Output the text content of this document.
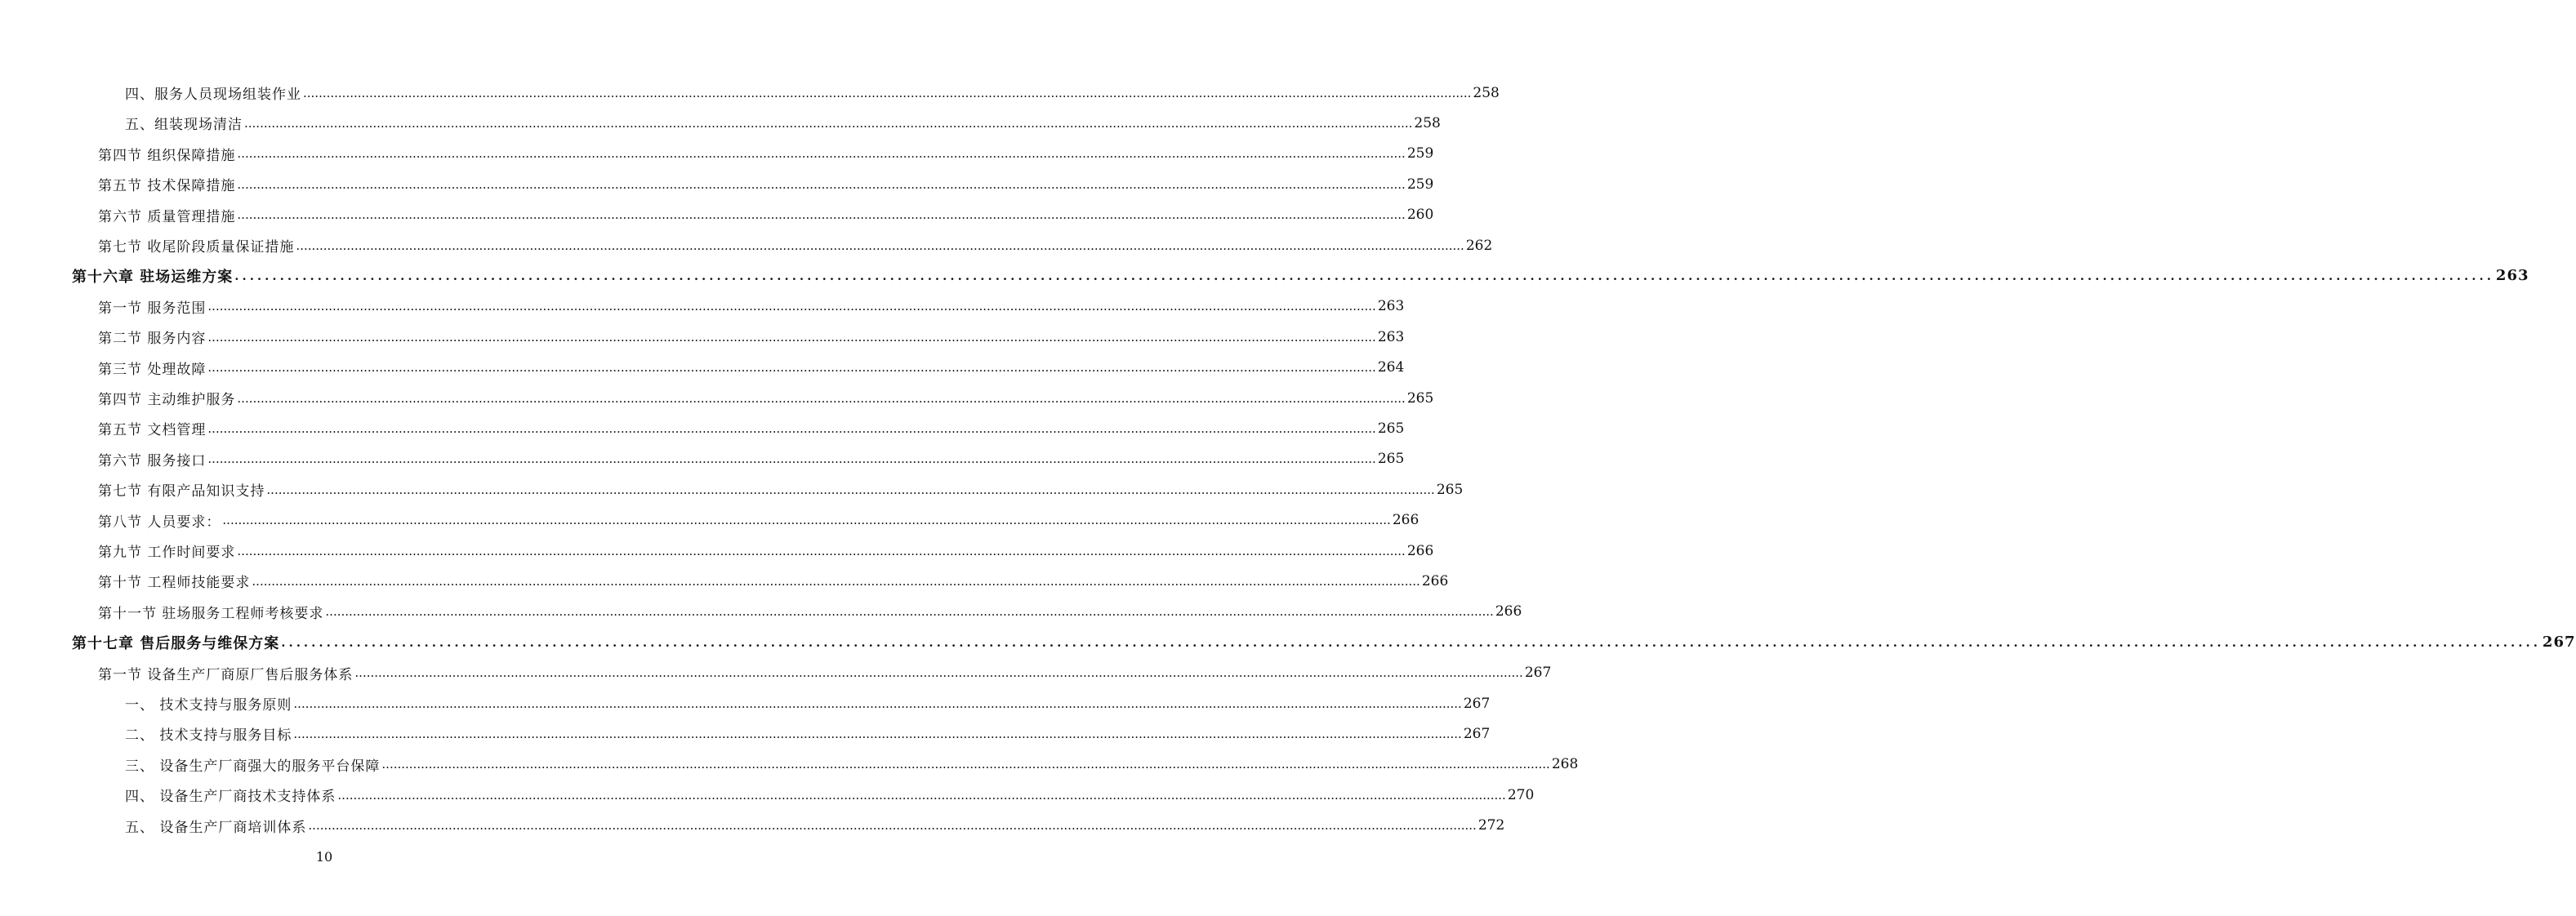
四、服务人员现场组装作业 ............................................................................................................................................................................................................................................................................................................ 258
五、组装现场清洁 ............................................................................................................................................................................................................................................................................................................ 258
第四节 组织保障措施 ............................................................................................................................................................................................................................................................................................................ 259
第五节 技术保障措施 ............................................................................................................................................................................................................................................................................................................ 259
第六节 质量管理措施 ............................................................................................................................................................................................................................................................................................................ 260
第七节 收尾阶段质量保证措施 ............................................................................................................................................................................................................................................................................................................ 262
第十六章 驻场运维方案 ............................................................................................................................................................................................................................................................................................................ 263
第一节 服务范围 ............................................................................................................................................................................................................................................................................................................ 263
第二节 服务内容 ............................................................................................................................................................................................................................................................................................................ 263
第三节 处理故障 ............................................................................................................................................................................................................................................................................................................ 264
第四节 主动维护服务 ............................................................................................................................................................................................................................................................................................................ 265
第五节 文档管理 ............................................................................................................................................................................................................................................................................................................ 265
第六节 服务接口 ............................................................................................................................................................................................................................................................................................................ 265
第七节 有限产品知识支持 ............................................................................................................................................................................................................................................................................................................ 265
第八节 人员要求： ............................................................................................................................................................................................................................................................................................................ 266
第九节 工作时间要求 ............................................................................................................................................................................................................................................................................................................ 266
第十节 工程师技能要求 ............................................................................................................................................................................................................................................................................................................ 266
第十一节 驻场服务工程师考核要求 ............................................................................................................................................................................................................................................................................................................ 266
第十七章 售后服务与维保方案 ............................................................................................................................................................................................................................................................................................................ 267
第一节 设备生产厂商原厂售后服务体系 ............................................................................................................................................................................................................................................................................................................ 267
一、 技术支持与服务原则 ............................................................................................................................................................................................................................................................................................................ 267
二、 技术支持与服务目标 ............................................................................................................................................................................................................................................................................................................ 267
三、 设备生产厂商强大的服务平台保障 ............................................................................................................................................................................................................................................................................................................ 268
四、 设备生产厂商技术支持体系 ............................................................................................................................................................................................................................................................................................................ 270
五、 设备生产厂商培训体系 ............................................................................................................................................................................................................................................................................................................ 272
10
